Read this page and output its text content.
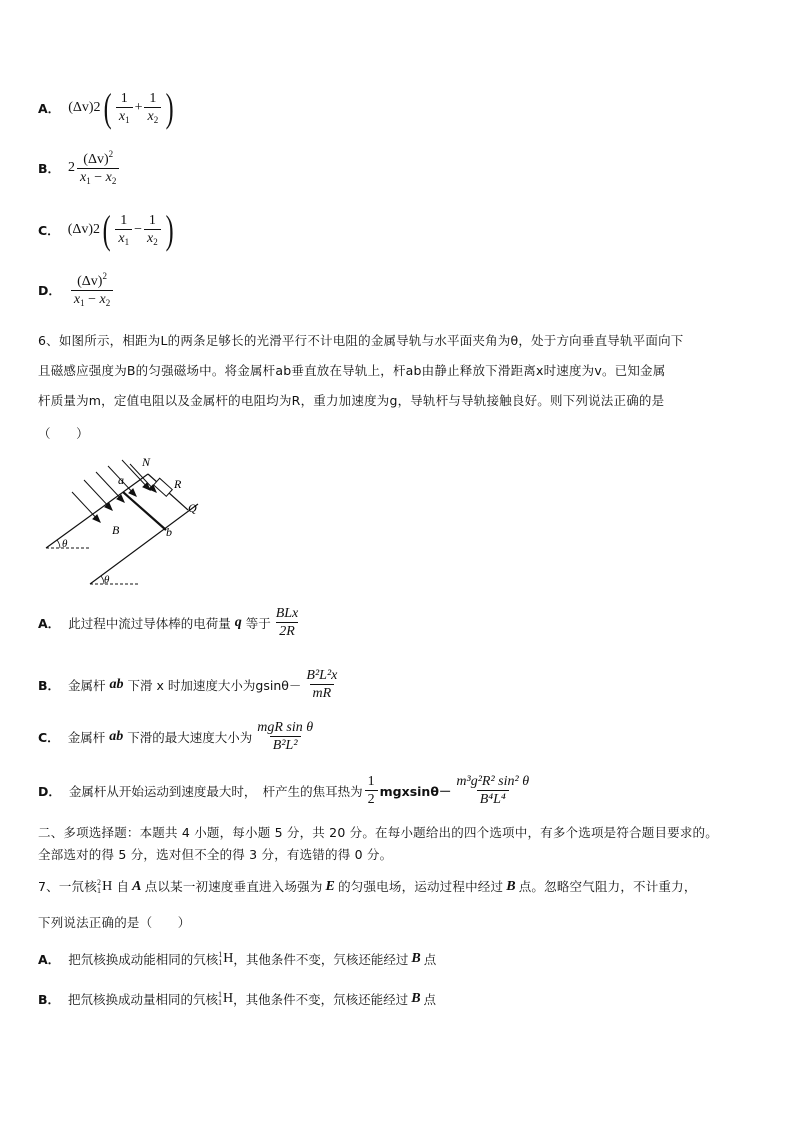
A． (Δv) 2 ( $\frac{1}{x_1} + \frac{1}{x_2}$ )
B． $2 \frac{(\Delta v)^2}{x_1 - x_2}$
C． (Δv) 2 ( $\frac{1}{x_1} - \frac{1}{x_2}$ )
D． $\frac{(\Delta v)^2}{x_1 - x_2}$
6、如图所示，相距为L的两条足够长的光滑平行不计电阻的金属导轨与水平面夹角为θ，处于方向垂直导轨平面向下
且磁感应强度为B的匀强磁场中。将金属杆ab垂直放在导轨上，杆ab由静止释放下滑距离x时速度为v。已知金属
杆质量为m，定值电阻以及金属杆的电阻均为R，重力加速度为g，导轨杆与导轨接触良好。则下列说法正确的是
（　　）
N
R
Q
a
b
B
θ
θ
A． 此过程中流过导体棒的电荷量 q 等于 $\frac{\text{BLx}}{2R}$
B． 金属杆 ab 下滑 x 时加速度大小为 $gsin\theta- \frac{\text{B²L²x}}{mR}$
C． 金属杆 ab 下滑的最大速度大小为 $\frac{\text{mgR sin θ}}{\text{B²L²}}$
D． 金属杆从开始运动到速度最大时，　杆产生的焦耳热为 $\frac{1}{2} mgxsin\theta- \frac{\text{m³g²R² sin² θ}}{\text{B⁴L⁴}}$
二、多项选择题：本题共 4 小题，每小题 5 分，共 20 分。在每小题给出的四个选项中，有多个选项是符合题目要求的。
全部选对的得 5 分，选对但不全的得 3 分，有选错的得 0 分。
7、一氘核 2
1 H 自 A 点以某一初速度垂直进入场强为 E 的匀强电场，运动过程中经过 B 点。忽略空气阻力，不计重力，
下列说法正确的是（　　）
A． 把氘核换成动能相同的氕核 1
1 H ，其他条件不变，氕核还能经过 B 点
B． 把氘核换成动量相同的氕核 1
1 H ，其他条件不变，氘核还能经过 B 点
